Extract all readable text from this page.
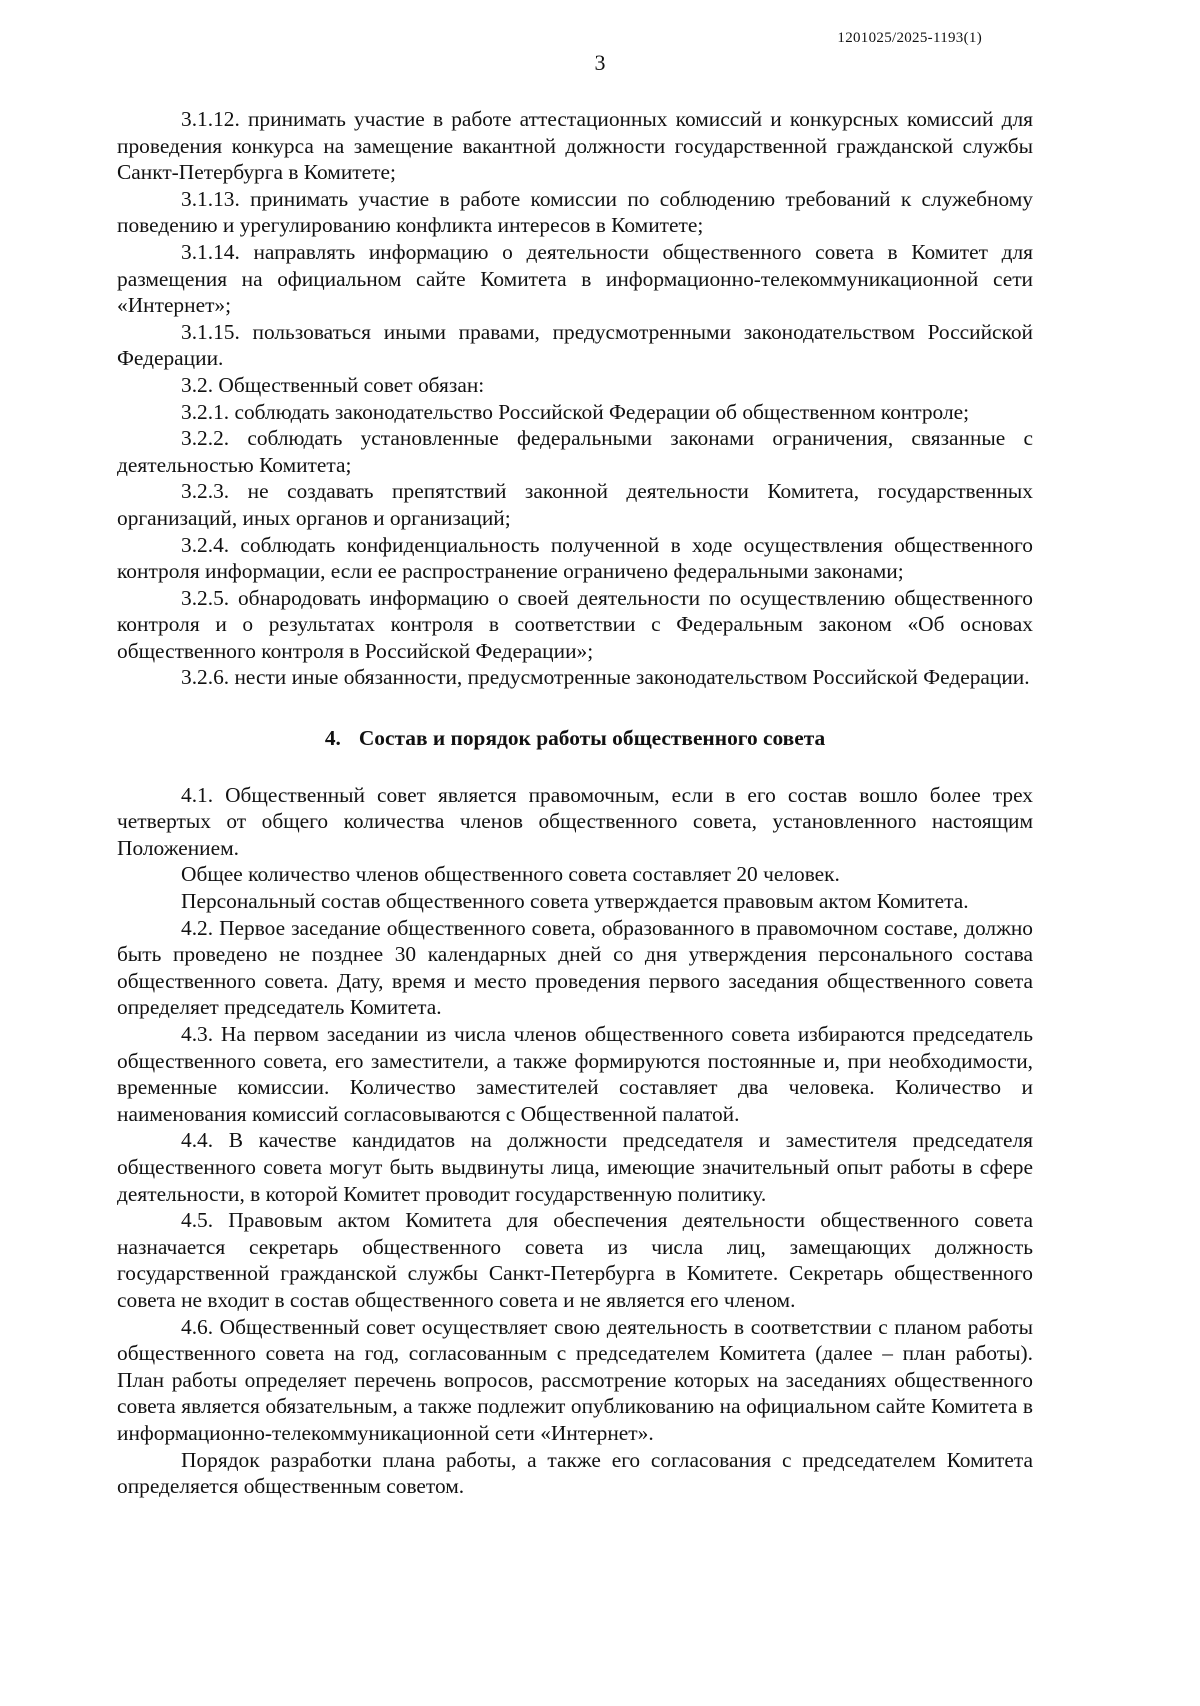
1201025/2025-1193(1)
3

3.1.12. принимать участие в работе аттестационных комиссий и конкурсных комиссий для проведения конкурса на замещение вакантной должности государственной гражданской службы Санкт-Петербурга в Комитете;

3.1.13. принимать участие в работе комиссии по соблюдению требований к служебному поведению и урегулированию конфликта интересов в Комитете;

3.1.14. направлять информацию о деятельности общественного совета в Комитет для размещения на официальном сайте Комитета в информационно-телекоммуникационной сети «Интернет»;

3.1.15. пользоваться иными правами, предусмотренными законодательством Российской Федерации.

3.2. Общественный совет обязан:

3.2.1. соблюдать законодательство Российской Федерации об общественном контроле;

3.2.2. соблюдать установленные федеральными законами ограничения, связанные с деятельностью Комитета;

3.2.3. не создавать препятствий законной деятельности Комитета, государственных организаций, иных органов и организаций;

3.2.4. соблюдать конфиденциальность полученной в ходе осуществления общественного контроля информации, если ее распространение ограничено федеральными законами;

3.2.5. обнародовать информацию о своей деятельности по осуществлению общественного контроля и о результатах контроля в соответствии с Федеральным законом «Об основах общественного контроля в Российской Федерации»;

3.2.6. нести иные обязанности, предусмотренные законодательством Российской Федерации.

4. Состав и порядок работы общественного совета

4.1. Общественный совет является правомочным, если в его состав вошло более трех четвертых от общего количества членов общественного совета, установленного настоящим Положением.

Общее количество членов общественного совета составляет 20 человек.

Персональный состав общественного совета утверждается правовым актом Комитета.

4.2. Первое заседание общественного совета, образованного в правомочном составе, должно быть проведено не позднее 30 календарных дней со дня утверждения персонального состава общественного совета. Дату, время и место проведения первого заседания общественного совета определяет председатель Комитета.

4.3. На первом заседании из числа членов общественного совета избираются председатель общественного совета, его заместители, а также формируются постоянные и, при необходимости, временные комиссии. Количество заместителей составляет два человека. Количество и наименования комиссий согласовываются с Общественной палатой.

4.4. В качестве кандидатов на должности председателя и заместителя председателя общественного совета могут быть выдвинуты лица, имеющие значительный опыт работы в сфере деятельности, в которой Комитет проводит государственную политику.

4.5. Правовым актом Комитета для обеспечения деятельности общественного совета назначается секретарь общественного совета из числа лиц, замещающих должность государственной гражданской службы Санкт-Петербурга в Комитете. Секретарь общественного совета не входит в состав общественного совета и не является его членом.

4.6. Общественный совет осуществляет свою деятельность в соответствии с планом работы общественного совета на год, согласованным с председателем Комитета (далее – план работы). План работы определяет перечень вопросов, рассмотрение которых на заседаниях общественного совета является обязательным, а также подлежит опубликованию на официальном сайте Комитета в информационно-телекоммуникационной сети «Интернет».

Порядок разработки плана работы, а также его согласования с председателем Комитета определяется общественным советом.
